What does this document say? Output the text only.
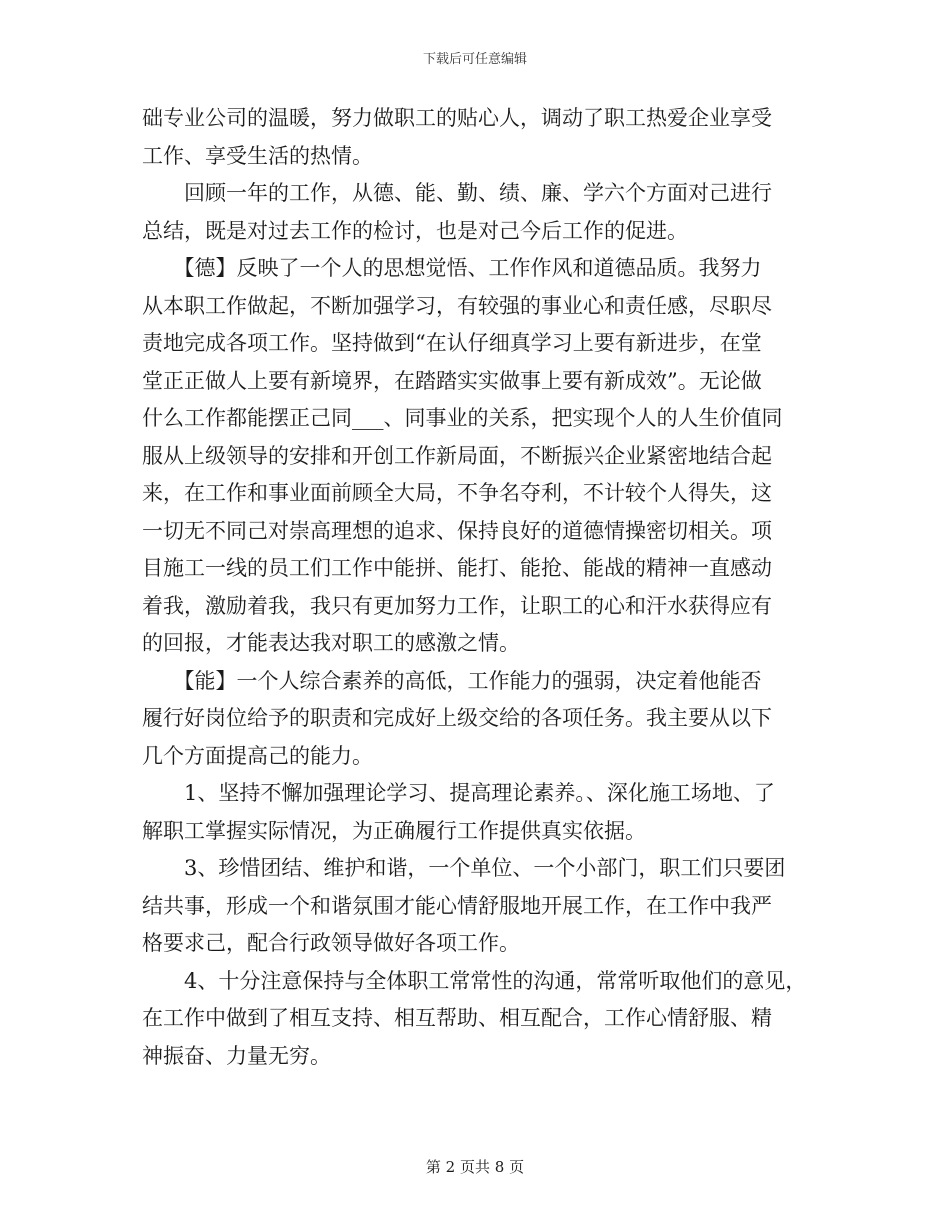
下载后可任意编辑
础专业公司的温暖，努力做职工的贴心人，调动了职工热爱企业享受
工作、享受生活的热情。
　　回顾一年的工作，从德、能、勤、绩、廉、学六个方面对己进行
总结，既是对过去工作的检讨，也是对己今后工作的促进。
　　【德】反映了一个人的思想觉悟、工作作风和道德品质。我努力
从本职工作做起，不断加强学习，有较强的事业心和责任感，尽职尽
责地完成各项工作。坚持做到“在认仔细真学习上要有新进步，在堂
堂正正做人上要有新境界，在踏踏实实做事上要有新成效”。无论做
什么工作都能摆正己同___、同事业的关系，把实现个人的人生价值同
服从上级领导的安排和开创工作新局面，不断振兴企业紧密地结合起
来，在工作和事业面前顾全大局，不争名夺利，不计较个人得失，这
一切无不同己对崇高理想的追求、保持良好的道德情操密切相关。项
目施工一线的员工们工作中能拼、能打、能抢、能战的精神一直感动
着我，激励着我，我只有更加努力工作，让职工的心和汗水获得应有
的回报，才能表达我对职工的感激之情。
　　【能】一个人综合素养的高低，工作能力的强弱，决定着他能否
履行好岗位给予的职责和完成好上级交给的各项任务。我主要从以下
几个方面提高己的能力。
　　1、坚持不懈加强理论学习、提高理论素养。、深化施工场地、了
解职工掌握实际情况，为正确履行工作提供真实依据。
　　3、珍惜团结、维护和谐，一个单位、一个小部门，职工们只要团
结共事，形成一个和谐氛围才能心情舒服地开展工作，在工作中我严
格要求己，配合行政领导做好各项工作。
　　4、十分注意保持与全体职工常常性的沟通，常常听取他们的意见，
在工作中做到了相互支持、相互帮助、相互配合，工作心情舒服、精
神振奋、力量无穷。
第 2 页共 8 页
